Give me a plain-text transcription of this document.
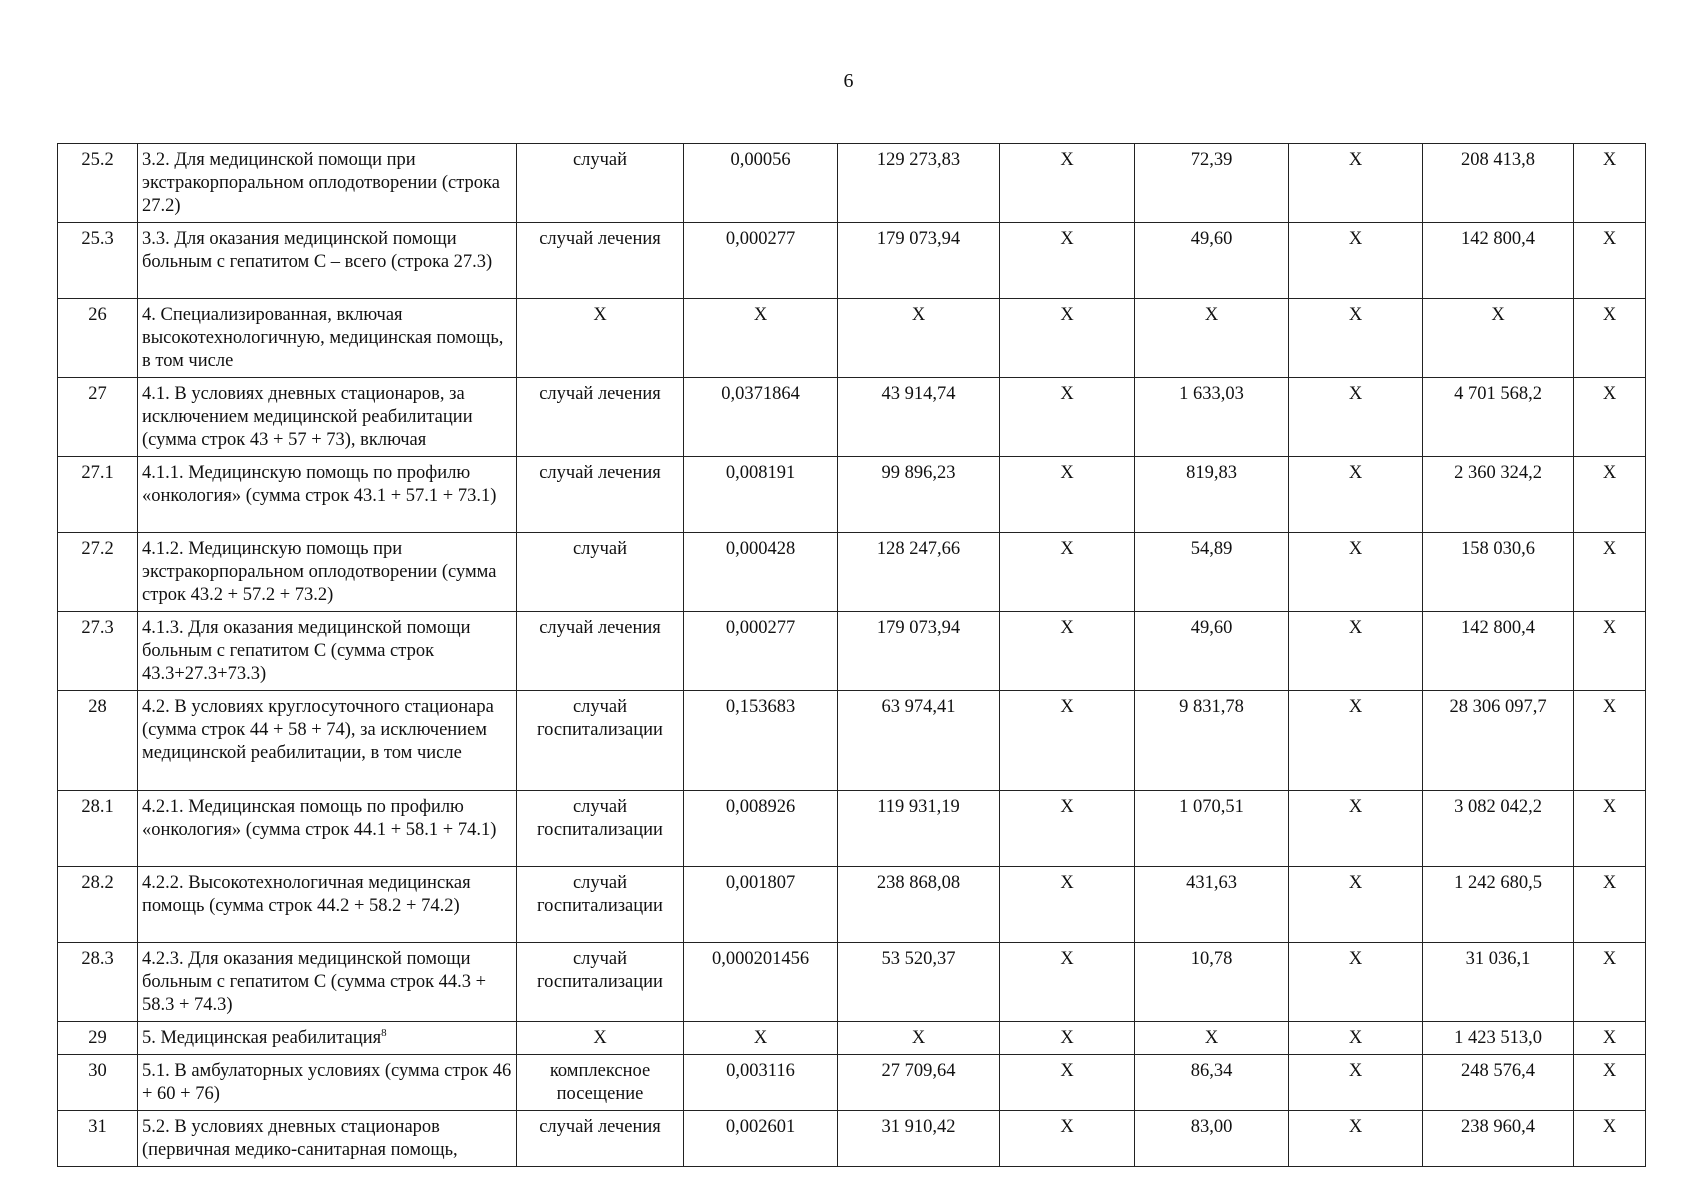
6
25.2	3.2. Для медицинской помощи при экстракорпоральном оплодотворении (строка 27.2)	случай	0,00056	129 273,83	Х	72,39	Х	208 413,8	Х
25.3	3.3. Для оказания медицинской помощи больным с гепатитом С – всего (строка 27.3)	случай лечения	0,000277	179 073,94	Х	49,60	Х	142 800,4	Х
26	4. Специализированная, включая высокотехнологичную, медицинская помощь, в том числе	Х	Х	Х	Х	Х	Х	Х	Х
27	4.1. В условиях дневных стационаров, за исключением медицинской реабилитации (сумма строк 43 + 57 + 73), включая	случай лечения	0,0371864	43 914,74	Х	1 633,03	Х	4 701 568,2	Х
27.1	4.1.1. Медицинскую помощь по профилю «онкология» (сумма строк 43.1 + 57.1 + 73.1)	случай лечения	0,008191	99 896,23	Х	819,83	Х	2 360 324,2	Х
27.2	4.1.2. Медицинскую помощь при экстракорпоральном оплодотворении (сумма строк 43.2 + 57.2 + 73.2)	случай	0,000428	128 247,66	Х	54,89	Х	158 030,6	Х
27.3	4.1.3. Для оказания медицинской помощи больным с гепатитом С (сумма строк 43.3+27.3+73.3)	случай лечения	0,000277	179 073,94	Х	49,60	Х	142 800,4	Х
28	4.2. В условиях круглосуточного стационара (сумма строк 44 + 58 + 74), за исключением медицинской реабилитации, в том числе	случай госпитализации	0,153683	63 974,41	Х	9 831,78	Х	28 306 097,7	Х
28.1	4.2.1. Медицинская помощь по профилю «онкология» (сумма строк 44.1 + 58.1 + 74.1)	случай госпитализации	0,008926	119 931,19	Х	1 070,51	Х	3 082 042,2	Х
28.2	4.2.2. Высокотехнологичная медицинская помощь (сумма строк 44.2 + 58.2 + 74.2)	случай госпитализации	0,001807	238 868,08	Х	431,63	Х	1 242 680,5	Х
28.3	4.2.3. Для оказания медицинской помощи больным с гепатитом С (сумма строк 44.3 + 58.3 + 74.3)	случай госпитализации	0,000201456	53 520,37	Х	10,78	Х	31 036,1	Х
29	5. Медицинская реабилитация$^8$	Х	Х	Х	Х	Х	Х	1 423 513,0	Х
30	5.1. В амбулаторных условиях (сумма строк 46 + 60 + 76)	комплексное посещение	0,003116	27 709,64	Х	86,34	Х	248 576,4	Х
31	5.2. В условиях дневных стационаров (первичная медико-санитарная помощь,	случай лечения	0,002601	31 910,42	Х	83,00	Х	238 960,4	Х
